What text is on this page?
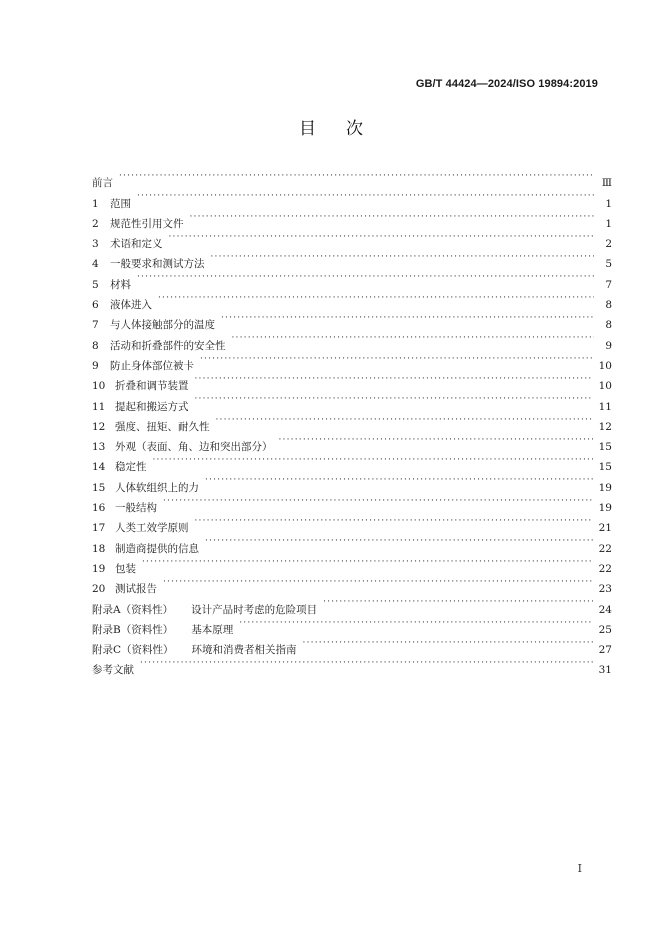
GB/T 44424—2024/ISO 19894:2019
目次
前言 ·····	Ⅲ
1	范围 ·····	1
2	规范性引用文件 ·····	1
3	术语和定义 ·····	2
4	一般要求和测试方法 ·····	5
5	材料 ·····	7
6	液体进入 ·····	8
7	与人体接触部分的温度 ·····	8
8	活动和折叠部件的安全性 ·····	9
9	防止身体部位被卡 ·····	10
10 折叠和调节装置 ·····	10
11 提起和搬运方式 ·····	11
12 强度、扭矩、耐久性 ·····	12
13 外观（表面、角、边和突出部分） ·····	15
14 稳定性 ·····	15
15 人体软组织上的力 ·····	19
16 一般结构 ·····	19
17 人类工效学原则 ·····	21
18 制造商提供的信息 ·····	22
19 包装 ·····	22
20 测试报告 ·····	23
附录A（资料性）	设计产品时考虑的危险项目 ·····	24
附录B（资料性）	基本原理 ·····	25
附录C（资料性）	环境和消费者相关指南 ·····	27
参考文献 ·····	31
I
